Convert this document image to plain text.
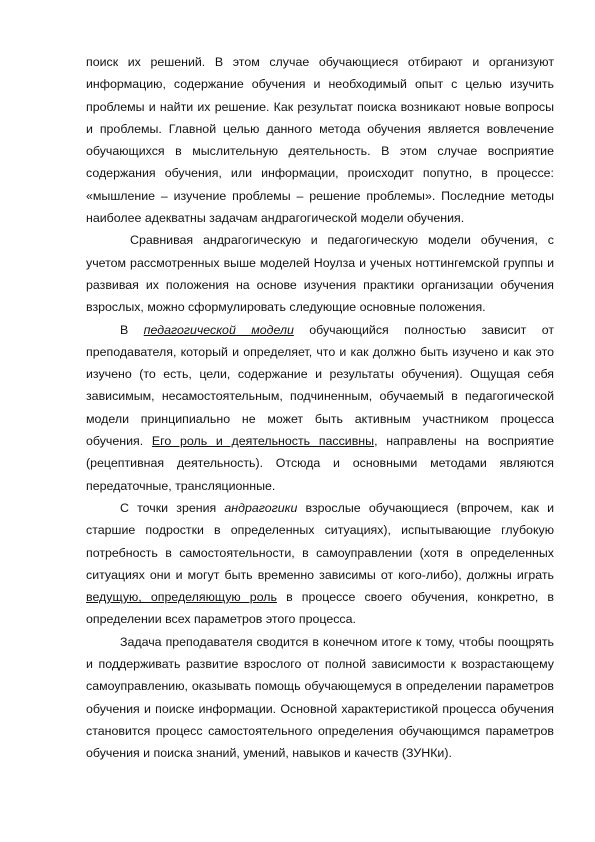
поиск их решений. В этом случае обучающиеся отбирают и организуют информацию, содержание обучения и необходимый опыт с целью изучить проблемы и найти их решение. Как результат поиска возникают новые вопросы и проблемы. Главной целью данного метода обучения является вовлечение обучающихся в мыслительную деятельность. В этом случае восприятие содержания обучения, или информации, происходит попутно, в процессе: «мышление – изучение проблемы – решение проблемы». Последние методы наиболее адекватны задачам андрагогической модели обучения.

Сравнивая андрагогическую и педагогическую модели обучения, с учетом рассмотренных выше моделей Ноулза и ученых ноттингемской группы и развивая их положения на основе изучения практики организации обучения взрослых, можно сформулировать следующие основные положения.

В педагогической модели обучающийся полностью зависит от преподавателя, который и определяет, что и как должно быть изучено и как это изучено (то есть, цели, содержание и результаты обучения). Ощущая себя зависимым, несамостоятельным, подчиненным, обучаемый в педагогической модели принципиально не может быть активным участником процесса обучения. Его роль и деятельность пассивны, направлены на восприятие (рецептивная деятельность). Отсюда и основными методами являются передаточные, трансляционные.

С точки зрения андрагогики взрослые обучающиеся (впрочем, как и старшие подростки в определенных ситуациях), испытывающие глубокую потребность в самостоятельности, в самоуправлении (хотя в определенных ситуациях они и могут быть временно зависимы от кого-либо), должны играть ведущую, определяющую роль в процессе своего обучения, конкретно, в определении всех параметров этого процесса.

Задача преподавателя сводится в конечном итоге к тому, чтобы поощрять и поддерживать развитие взрослого от полной зависимости к возрастающему самоуправлению, оказывать помощь обучающемуся в определении параметров обучения и поиске информации. Основной характеристикой процесса обучения становится процесс самостоятельного определения обучающимся параметров обучения и поиска знаний, умений, навыков и качеств (ЗУНКи).
